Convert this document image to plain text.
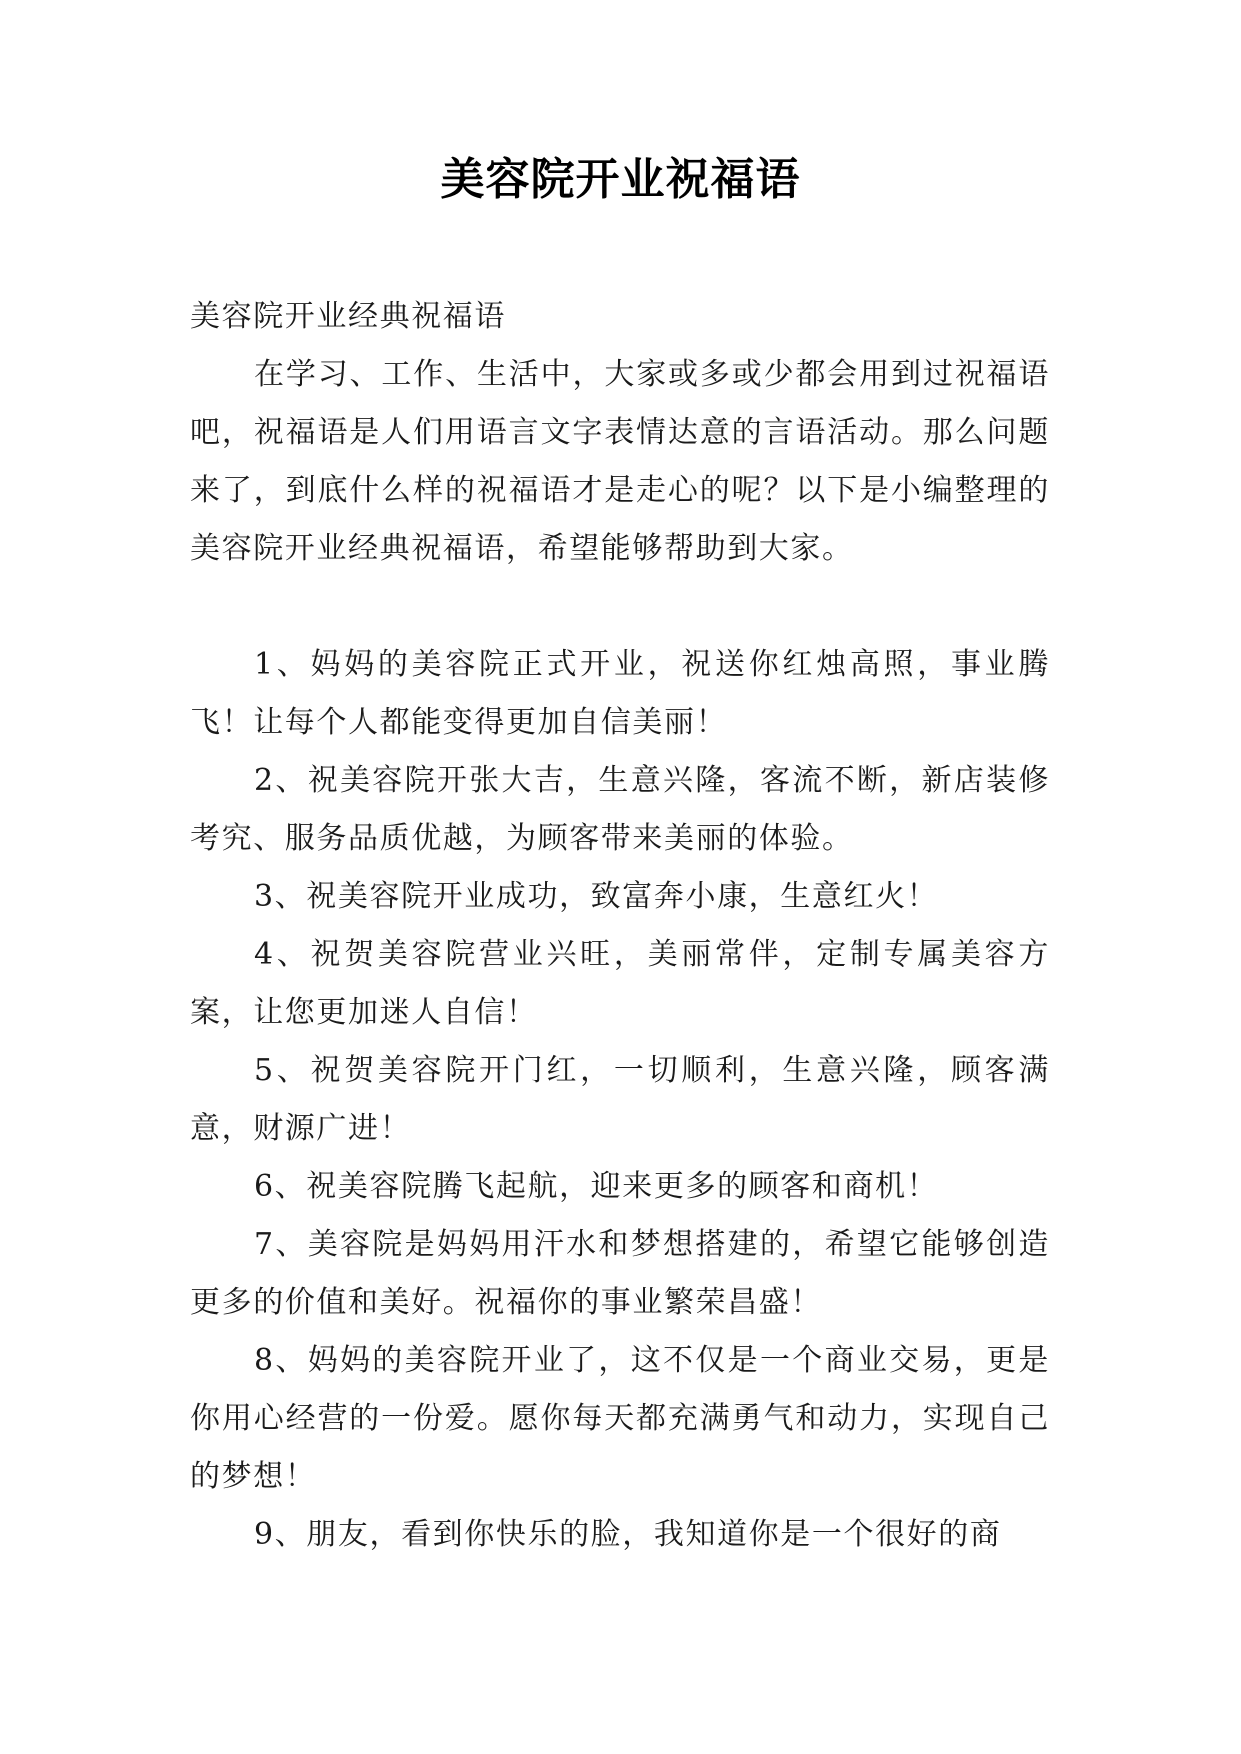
美容院开业祝福语

美容院开业经典祝福语

在学习、工作、生活中，大家或多或少都会用到过祝福语吧，祝福语是人们用语言文字表情达意的言语活动。那么问题来了，到底什么样的祝福语才是走心的呢？以下是小编整理的美容院开业经典祝福语，希望能够帮助到大家。

1、妈妈的美容院正式开业，祝送你红烛高照，事业腾飞！让每个人都能变得更加自信美丽！

2、祝美容院开张大吉，生意兴隆，客流不断，新店装修考究、服务品质优越，为顾客带来美丽的体验。

3、祝美容院开业成功，致富奔小康，生意红火！

4、祝贺美容院营业兴旺，美丽常伴，定制专属美容方案，让您更加迷人自信！

5、祝贺美容院开门红，一切顺利，生意兴隆，顾客满意，财源广进！

6、祝美容院腾飞起航，迎来更多的顾客和商机！

7、美容院是妈妈用汗水和梦想搭建的，希望它能够创造更多的价值和美好。祝福你的事业繁荣昌盛！

8、妈妈的美容院开业了，这不仅是一个商业交易，更是你用心经营的一份爱。愿你每天都充满勇气和动力，实现自己的梦想！

9、朋友，看到你快乐的脸，我知道你是一个很好的商
